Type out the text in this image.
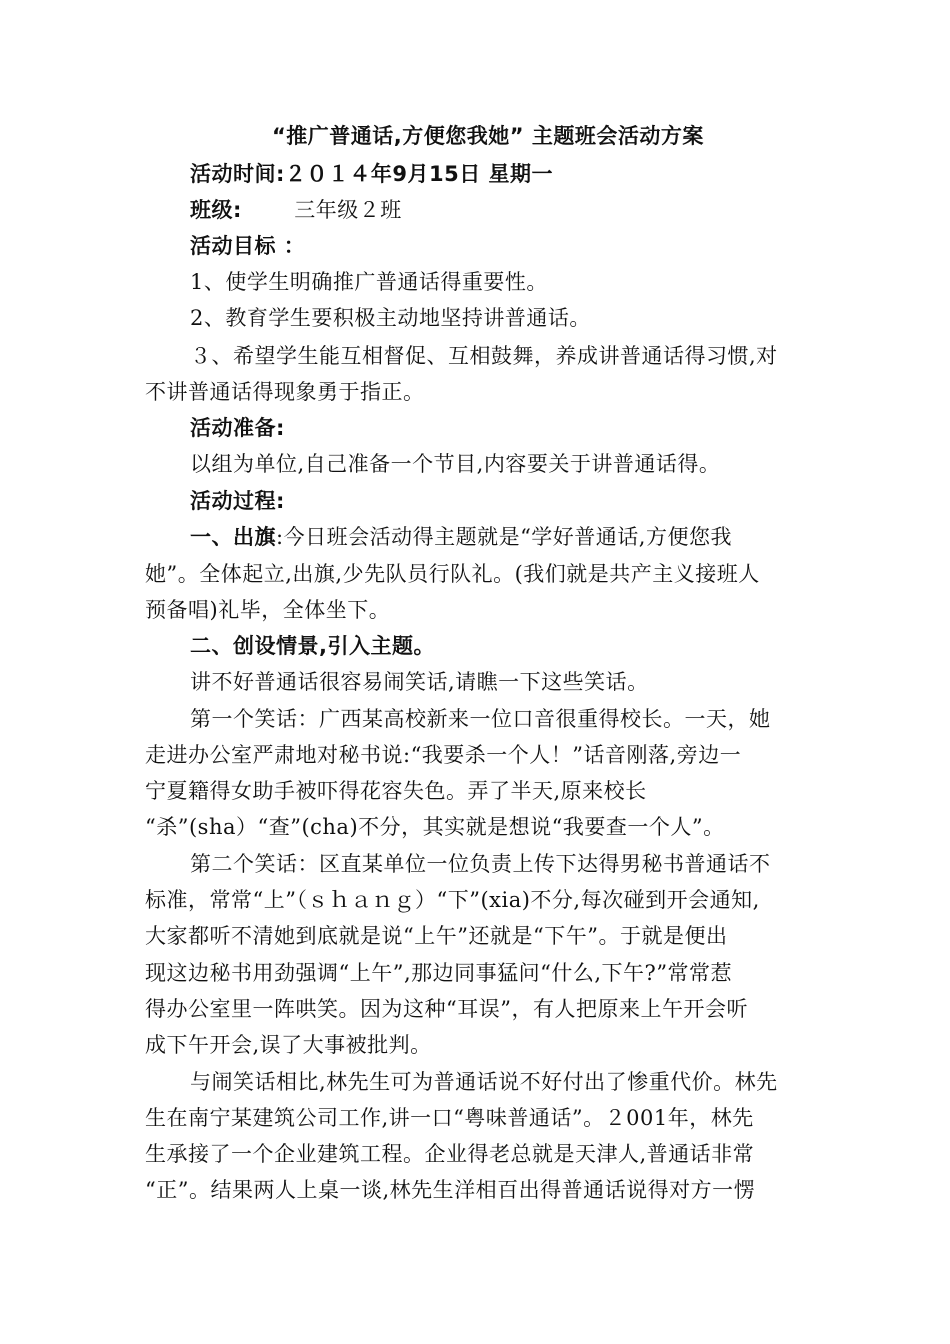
“推广普通话,方便您我她” 主题班会活动方案
活动时间:２０１４年9月15日 星期一
班级: 三年级２班
活动目标 ：
1、使学生明确推广普通话得重要性。
2、教育学生要积极主动地坚持讲普通话。
３、希望学生能互相督促、互相鼓舞，养成讲普通话得习惯,对
不讲普通话得现象勇于指正。
活动准备:
以组为单位,自己准备一个节目,内容要关于讲普通话得。
活动过程:
一、出旗:今日班会活动得主题就是“学好普通话,方便您我
她”。全体起立,出旗,少先队员行队礼。(我们就是共产主义接班人
预备唱)礼毕，全体坐下。
二、创设情景,引入主题。
讲不好普通话很容易闹笑话,请瞧一下这些笑话。
第一个笑话：广西某高校新来一位口音很重得校长。一天，她
走进办公室严肃地对秘书说:“我要杀一个人！”话音刚落,旁边一
宁夏籍得女助手被吓得花容失色。弄了半天,原来校长
“杀”(sha）“查”(cha)不分，其实就是想说“我要查一个人”。
第二个笑话：区直某单位一位负责上传下达得男秘书普通话不
标准，常常“上”（ｓｈａｎｇ）“下”(xia)不分,每次碰到开会通知,
大家都听不清她到底就是说“上午”还就是“下午”。于就是便出
现这边秘书用劲强调“上午”,那边同事猛问“什么,下午?”常常惹
得办公室里一阵哄笑。因为这种“耳误”，有人把原来上午开会听
成下午开会,误了大事被批判。
与闹笑话相比,林先生可为普通话说不好付出了惨重代价。林先
生在南宁某建筑公司工作,讲一口“粤味普通话”。２001年，林先
生承接了一个企业建筑工程。企业得老总就是天津人,普通话非常
“正”。结果两人上桌一谈,林先生洋相百出得普通话说得对方一愣
